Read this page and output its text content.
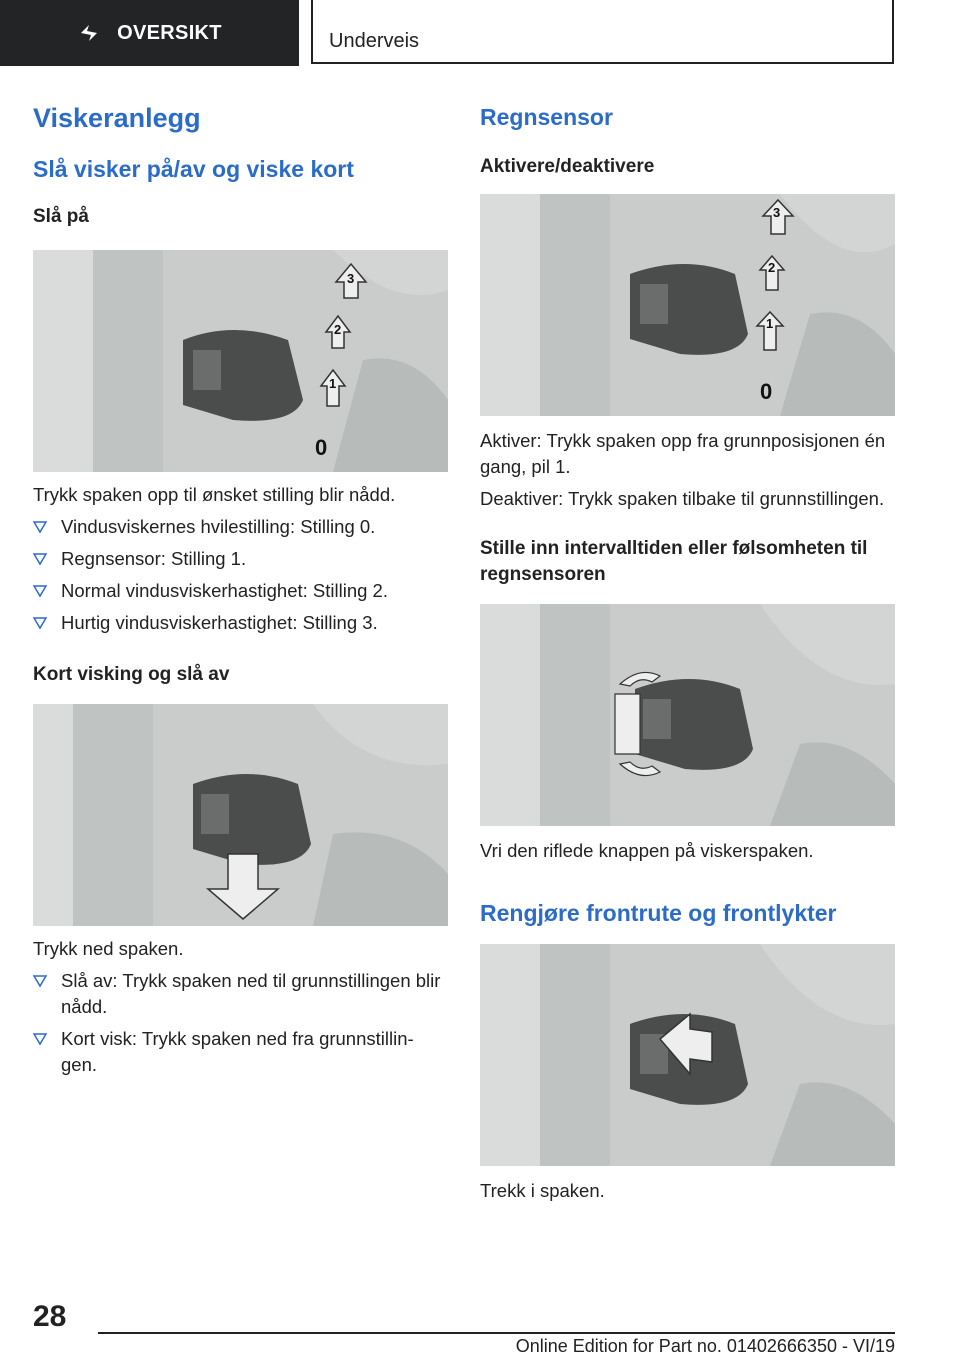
OVERSIKT	Underveis
Viskeranlegg
Slå visker på/av og viske kort
Slå på
3
2
1
0

Trykk spaken opp til ønsket stilling blir nådd.

Vindusviskernes hvilestilling: Stilling 0.
Regnsensor: Stilling 1.
Normal vindusviskerhastighet: Stilling 2.
Hurtig vindusviskerhastighet: Stilling 3.
Kort visking og slå av

Trykk ned spaken.

Slå av: Trykk spaken ned til grunnstillingen blir nådd.
Kort visk: Trykk spaken ned fra grunnstillin-gen.
Regnsensor
Aktivere/deaktivere
3
2
1
0

Aktiver: Trykk spaken opp fra grunnposisjonen én gang, pil 1.

Deaktiver: Trykk spaken tilbake til grunnstillingen.

Stille inn intervalltiden eller følsomheten til regnsensoren

Vri den riflede knappen på viskerspaken.

Rengjøre frontrute og frontlykter

Trekk i spaken.

28
Online Edition for Part no. 01402666350 - VI/19
